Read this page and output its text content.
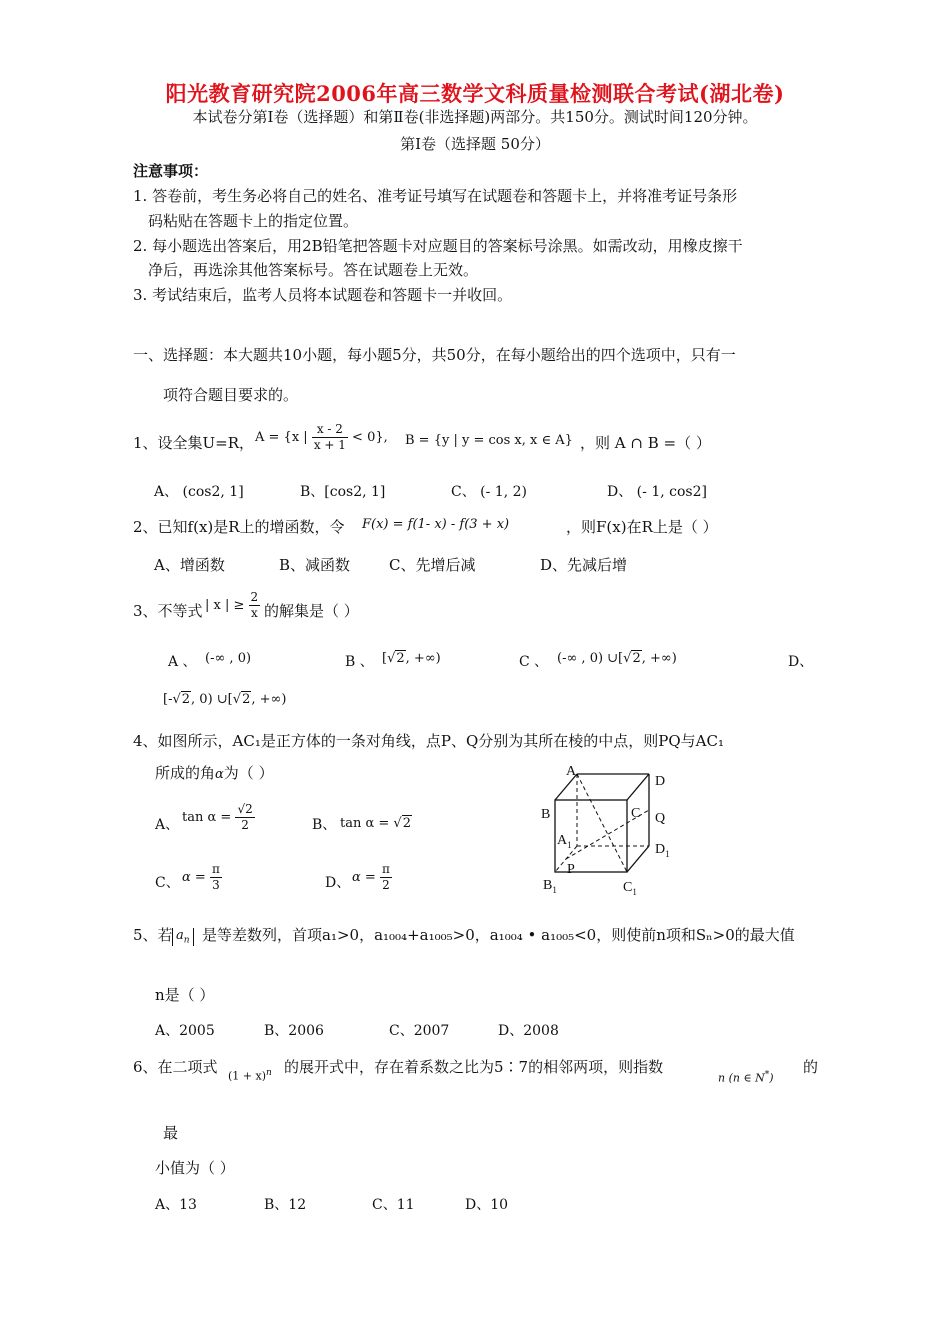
阳光教育研究院2006年高三数学文科质量检测联合考试(湖北卷)
本试卷分第Ⅰ卷（选择题）和第Ⅱ卷(非选择题)两部分。共150分。测试时间120分钟。
第Ⅰ卷（选择题 50分）
注意事项：
1. 答卷前，考生务必将自己的姓名、准考证号填写在试题卷和答题卡上，并将准考证号条形
码粘贴在答题卡上的指定位置。
2. 每小题选出答案后，用2B铅笔把答题卡对应题目的答案标号涂黑。如需改动，用橡皮擦干
净后，再选涂其他答案标号。答在试题卷上无效。
3. 考试结束后，监考人员将本试题卷和答题卡一并收回。
一、选择题：本大题共10小题，每小题5分，共50分，在每小题给出的四个选项中，只有一
项符合题目要求的。
1、设全集U=R， A = {x | $\frac{x - 2}{x + 1} < 0$}, B = {y | y = cos x, x ∈ A} ，则 A ∩ B =（ ）
A、 (cos2, 1]	B、[cos2, 1]	C、 (- 1, 2)	D、 (- 1, cos2]
2、已知f(x)是R上的增函数，令 F(x) = f(1- x) - f(3 + x)	，则F(x)在R上是（ ）
A、增函数	B、减函数	C、先增后减	D、先减后增
3、不等式 | x | ≥ $\frac{2}{x}$ 的解集是（ ）
A 、 (-∞ , 0)	B 、 [√2, +∞)	C 、 (-∞ , 0) ∪[√2, +∞)	D、
[-√2, 0) ∪[√2, +∞)
4、如图所示，AC₁是正方体的一条对角线，点P、Q分别为其所在棱的中点，则PQ与AC₁
所成的角α为（ ）
A、 $\tan \alpha = \frac{√2}{2}$	B、 tan α = √2
C、 $\alpha = \frac{\pi}{3}$	D、 $\alpha = \frac{\pi}{2}$
A
D
B	C Q
$A_1$	$D_1$
P
$B_1$	$C_1$
5、若 $a_n$ 是等差数列，首项a₁>0，a₁₀₀₄+a₁₀₀₅>0，a₁₀₀₄ • a₁₀₀₅<0，则使前n项和Sₙ>0的最大值
n是（ ）
A、2005	B、2006	C、2007	D、2008
6、在二项式
$(1 + x)^n$ 的展开式中，存在着系数之比为5∶7的相邻两项，则指数
n (n ∈ N*)
的
最
小值为（ ）
A、13	B、12	C、11	D、10
